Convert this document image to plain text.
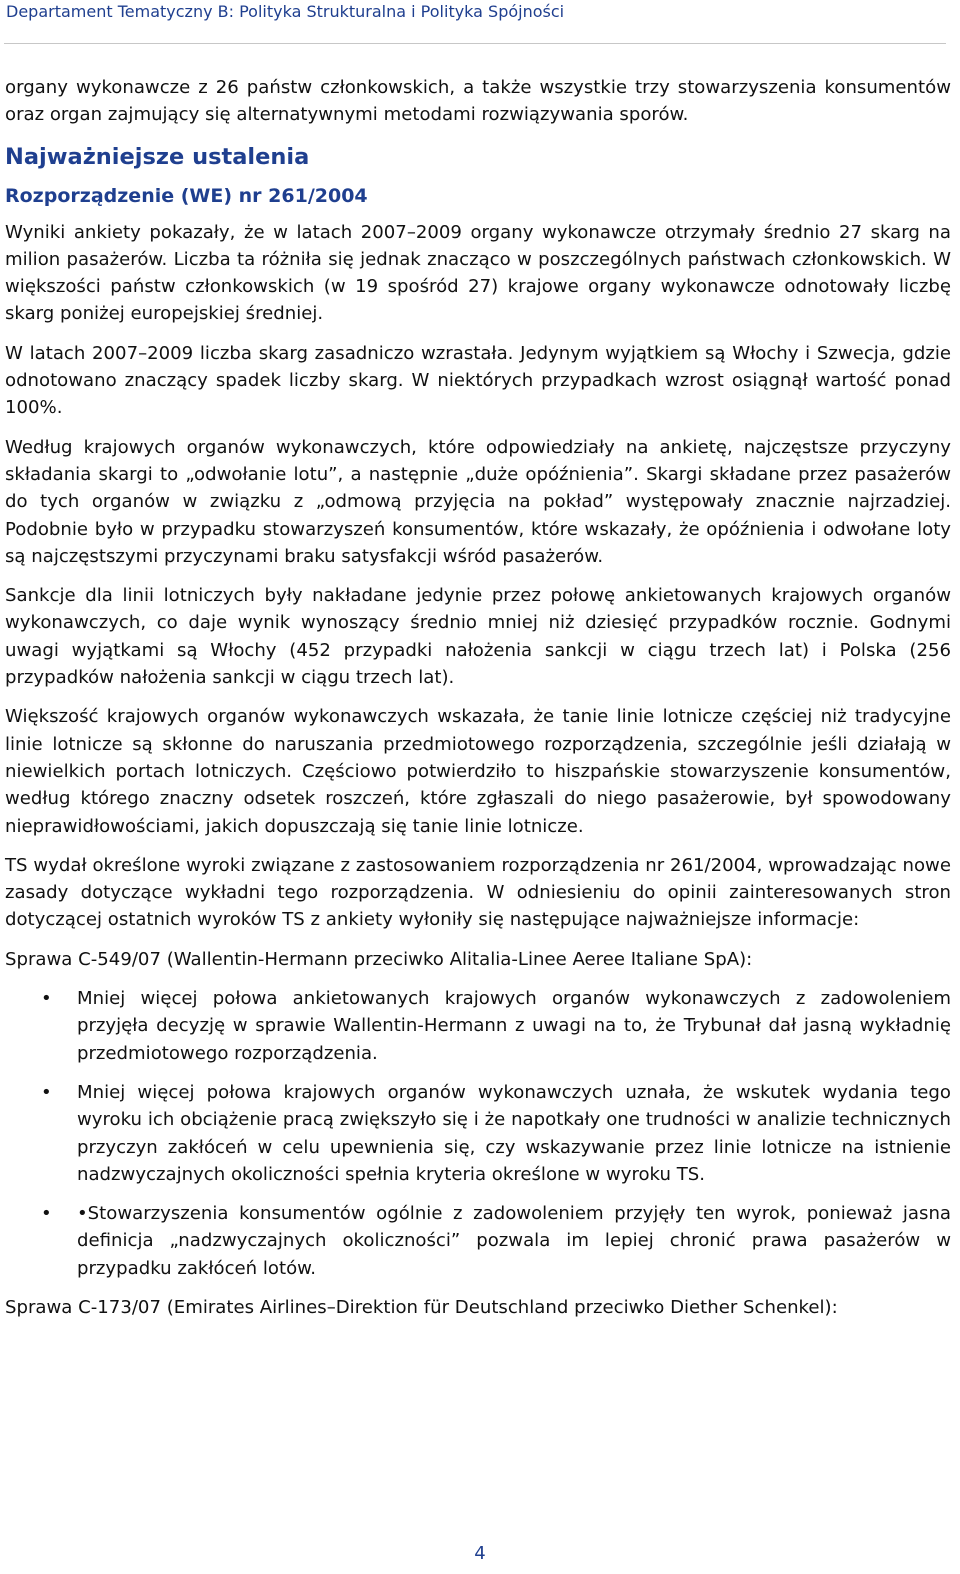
Departament Tematyczny B: Polityka Strukturalna i Polityka Spójności

organy wykonawcze z 26 państw członkowskich, a także wszystkie trzy stowarzyszenia konsumentów oraz organ zajmujący się alternatywnymi metodami rozwiązywania sporów.

Najważniejsze ustalenia
Rozporządzenie (WE) nr 261/2004

Wyniki ankiety pokazały, że w latach 2007–2009 organy wykonawcze otrzymały średnio 27 skarg na milion pasażerów. Liczba ta różniła się jednak znacząco w poszczególnych państwach członkowskich. W większości państw członkowskich (w 19 spośród 27) krajowe organy wykonawcze odnotowały liczbę skarg poniżej europejskiej średniej.

W latach 2007–2009 liczba skarg zasadniczo wzrastała. Jedynym wyjątkiem są Włochy i Szwecja, gdzie odnotowano znaczący spadek liczby skarg. W niektórych przypadkach wzrost osiągnął wartość ponad 100%.

Według krajowych organów wykonawczych, które odpowiedziały na ankietę, najczęstsze przyczyny składania skargi to „odwołanie lotu”, a następnie „duże opóźnienia”. Skargi składane przez pasażerów do tych organów w związku z „odmową przyjęcia na pokład” występowały znacznie najrzadziej. Podobnie było w przypadku stowarzyszeń konsumentów, które wskazały, że opóźnienia i odwołane loty są najczęstszymi przyczynami braku satysfakcji wśród pasażerów.

Sankcje dla linii lotniczych były nakładane jedynie przez połowę ankietowanych krajowych organów wykonawczych, co daje wynik wynoszący średnio mniej niż dziesięć przypadków rocznie. Godnymi uwagi wyjątkami są Włochy (452 przypadki nałożenia sankcji w ciągu trzech lat) i Polska (256 przypadków nałożenia sankcji w ciągu trzech lat).

Większość krajowych organów wykonawczych wskazała, że tanie linie lotnicze częściej niż tradycyjne linie lotnicze są skłonne do naruszania przedmiotowego rozporządzenia, szczególnie jeśli działają w niewielkich portach lotniczych. Częściowo potwierdziło to hiszpańskie stowarzyszenie konsumentów, według którego znaczny odsetek roszczeń, które zgłaszali do niego pasażerowie, był spowodowany nieprawidłowościami, jakich dopuszczają się tanie linie lotnicze.

TS wydał określone wyroki związane z zastosowaniem rozporządzenia nr 261/2004, wprowadzając nowe zasady dotyczące wykładni tego rozporządzenia. W odniesieniu do opinii zainteresowanych stron dotyczącej ostatnich wyroków TS z ankiety wyłoniły się następujące najważniejsze informacje:

Sprawa C-549/07 (Wallentin-Hermann przeciwko Alitalia-Linee Aeree Italiane SpA):

• Mniej więcej połowa ankietowanych krajowych organów wykonawczych z zadowoleniem przyjęła decyzję w sprawie Wallentin-Hermann z uwagi na to, że Trybunał dał jasną wykładnię przedmiotowego rozporządzenia.
• Mniej więcej połowa krajowych organów wykonawczych uznała, że wskutek wydania tego wyroku ich obciążenie pracą zwiększyło się i że napotkały one trudności w analizie technicznych przyczyn zakłóceń w celu upewnienia się, czy wskazywanie przez linie lotnicze na istnienie nadzwyczajnych okoliczności spełnia kryteria określone w wyroku TS.
• •Stowarzyszenia konsumentów ogólnie z zadowoleniem przyjęły ten wyrok, ponieważ jasna definicja „nadzwyczajnych okoliczności” pozwala im lepiej chronić prawa pasażerów w przypadku zakłóceń lotów.

Sprawa C-173/07 (Emirates Airlines–Direktion für Deutschland przeciwko Diether Schenkel):

4
